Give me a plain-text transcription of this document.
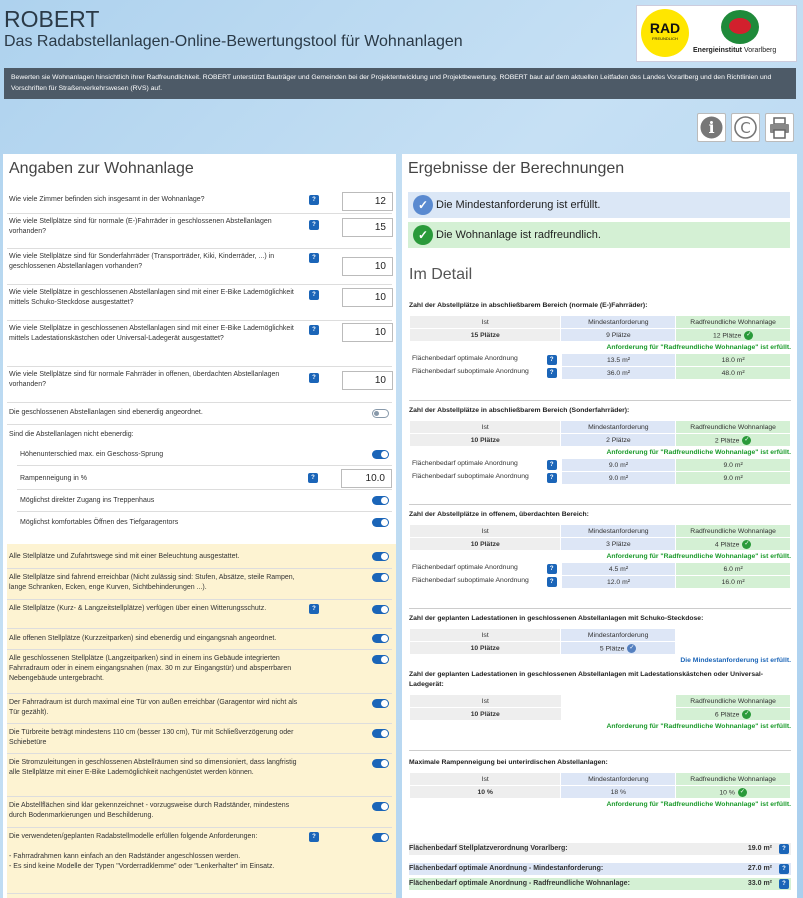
ROBERT
Das Radabstellanlagen-Online-Bewertungstool für Wohnanlagen
RAD
FREUNDLICH
Energieinstitut Vorarlberg
Bewerten sie Wohnanlagen hinsichtlich ihrer Radfreundlichkeit. ROBERT unterstützt Bauträger und Gemeinden bei der Projektentwicklung und Projektbewertung. ROBERT baut auf dem aktuellen Leitfaden des Landes Vorarlberg und den Richtlinien und Vorschriften für Straßenverkehrswesen (RVS) auf.
i C
Angaben zur Wohnanlage
Wie viele Zimmer befinden sich insgesamt in der Wohnanlage?	?	12
Wie viele Stellplätze sind für normale (E-)Fahrräder in geschlossenen Abstellanlagen vorhanden?
?	15
Wie viele Stellplätze sind für Sonderfahrräder (Transporträder, Kiki, Kinderräder, ...) in geschlossenen Abstellanlagen vorhanden?
?
10
Wie viele Stellplätze in geschlossenen Abstellanlagen sind mit einer E-Bike Lademöglichkeit mittels Schuko-Steckdose ausgestattet?
?	10
Wie viele Stellplätze in geschlossenen Abstellanlagen sind mit einer E-Bike Lademöglichkeit mittels Ladestationskästchen oder Universal-Ladegerät ausgestattet?
?	10
Wie viele Stellplätze sind für normale Fahrräder in offenen, überdachten Abstellanlagen vorhanden?
?	10
Die geschlossenen Abstellanlagen sind ebenerdig angeordnet.
Sind die Abstellanlagen nicht ebenerdig:
Höhenunterschied max. ein Geschoss-Sprung
Rampenneigung in %	?	10.0
Möglichst direkter Zugang ins Treppenhaus
Möglichst komfortables Öffnen des Tiefgaragentors
Alle Stellplätze und Zufahrtswege sind mit einer Beleuchtung ausgestattet.
Alle Stellplätze sind fahrend erreichbar (Nicht zulässig sind: Stufen, Absätze, steile Rampen, lange Schranken, Ecken, enge Kurven, Sichtbehinderungen ...).
Alle Stellplätze (Kurz- & Langzeitstellplätze) verfügen über einen Witterungsschutz.	?
Alle offenen Stellplätze (Kurzzeitparken) sind ebenerdig und eingangsnah angeordnet.
Alle geschlossenen Stellplätze (Langzeitparken) sind in einem ins Gebäude integrierten Fahrradraum oder in einem eingangsnahen (max. 30 m zur Eingangstür) und absperrbaren Nebengebäude untergebracht.
Der Fahrradraum ist durch maximal eine Tür von außen erreichbar (Garagentor wird nicht als Tür gezählt).
Die Türbreite beträgt mindestens 110 cm (besser 130 cm), Tür mit Schließverzögerung oder Schiebetüre
Die Stromzuleitungen in geschlossenen Abstellräumen sind so dimensioniert, dass langfristig alle Stellplätze mit einer E-Bike Lademöglichkeit nachgenüstet werden können.
Die Abstellflächen sind klar gekennzeichnet - vorzugsweise durch Radständer, mindestens durch Bodenmarkierungen und Beschilderung.
Die verwendeten/geplanten Radabstellmodelle erfüllen folgende Anforderungen:
- Fahrradrahmen kann einfach an den Radständer angeschlossen werden.
- Es sind keine Modelle der Typen "Vorderradklemme" oder "Lenkerhalter" im Einsatz.
?
Ergebnisse der Berechnungen
✓ Die Mindestanforderung ist erfüllt.
✓ Die Wohnanlage ist radfreundlich.
Im Detail
Zahl der Abstellplätze in abschließbarem Bereich (normale (E-)Fahrräder):
Ist	Mindestanforderung	Radfreundliche Wohnanlage
15 Plätze	9 Plätze	12 Plätze ✓
Anforderung für "Radfreundliche Wohnanlage" ist erfüllt.
Flächenbedarf optimale Anordnung ?	13.5 m²	18.0 m²
Flächenbedarf suboptimale Anordnung ?	36.0 m²	48.0 m²
Zahl der Abstellplätze in abschließbarem Bereich (Sonderfahrräder):
Ist	Mindestanforderung	Radfreundliche Wohnanlage
10 Plätze	2 Plätze	2 Plätze ✓
Anforderung für "Radfreundliche Wohnanlage" ist erfüllt.
Flächenbedarf optimale Anordnung ?	9.0 m²	9.0 m²
Flächenbedarf suboptimale Anordnung ?	9.0 m²	9.0 m²
Zahl der Abstellplätze in offenem, überdachten Bereich:
Ist	Mindestanforderung	Radfreundliche Wohnanlage
10 Plätze	3 Plätze	4 Plätze ✓
Anforderung für "Radfreundliche Wohnanlage" ist erfüllt.
Flächenbedarf optimale Anordnung ?	4.5 m²	6.0 m²
Flächenbedarf suboptimale Anordnung ?	12.0 m²	16.0 m²
Zahl der geplanten Ladestationen in geschlossenen Abstellanlagen mit Schuko-Steckdose:
Ist	Mindestanforderung
10 Plätze	5 Plätze ✓
Die Mindestanforderung ist erfüllt.
Zahl der geplanten Ladestationen in geschlossenen Abstellanlagen mit Ladestationskästchen oder Universal-Ladegerät:
Ist		Radfreundliche Wohnanlage
10 Plätze		6 Plätze ✓
Anforderung für "Radfreundliche Wohnanlage" ist erfüllt.
Maximale Rampenneigung bei unterirdischen Abstellanlagen:
Ist	Mindestanforderung	Radfreundliche Wohnanlage
10 %	18 %	10 % ✓
Anforderung für "Radfreundliche Wohnanlage" ist erfüllt.
Flächenbedarf Stellplatzverordnung Vorarlberg:	19.0 m²	?
Flächenbedarf optimale Anordnung - Mindestanforderung:	27.0 m²	?
Flächenbedarf optimale Anordnung - Radfreundliche Wohnanlage:	33.0 m²	?
